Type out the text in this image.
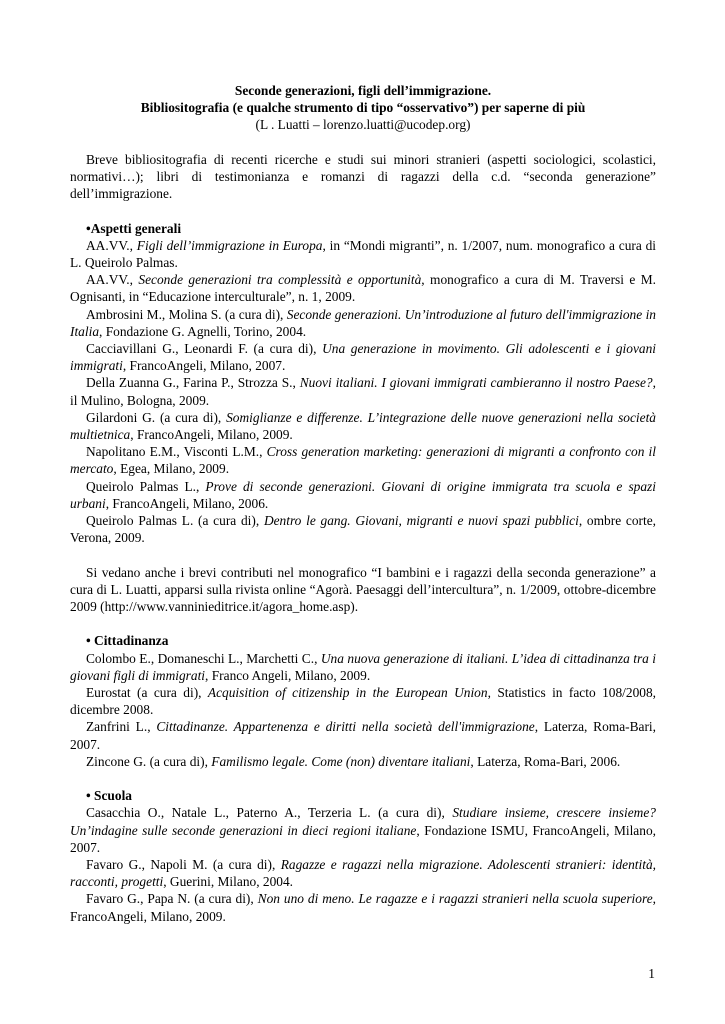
Seconde generazioni, figli dell’immigrazione.
Bibliositografia (e qualche strumento di tipo “osservativo”) per saperne di più
(L . Luatti – lorenzo.luatti@ucodep.org)
Breve bibliositografia di recenti ricerche e studi sui minori stranieri (aspetti sociologici, scolastici, normativi…); libri di testimonianza e romanzi di ragazzi della c.d. “seconda generazione” dell’immigrazione.
•Aspetti generali
AA.VV., Figli dell’immigrazione in Europa, in “Mondi migranti”, n. 1/2007, num. monografico a cura di L. Queirolo Palmas.
AA.VV., Seconde generazioni tra complessità e opportunità, monografico a cura di M. Traversi e M. Ognisanti, in “Educazione interculturale”, n. 1, 2009.
Ambrosini M., Molina S. (a cura di), Seconde generazioni. Un’introduzione al futuro dell'immigrazione in Italia, Fondazione G. Agnelli, Torino, 2004.
Cacciavillani G., Leonardi F. (a cura di), Una generazione in movimento. Gli adolescenti e i giovani immigrati, FrancoAngeli, Milano, 2007.
Della Zuanna G., Farina P., Strozza S., Nuovi italiani. I giovani immigrati cambieranno il nostro Paese?, il Mulino, Bologna, 2009.
Gilardoni G. (a cura di), Somiglianze e differenze. L’integrazione delle nuove generazioni nella società multietnica, FrancoAngeli, Milano, 2009.
Napolitano E.M., Visconti L.M., Cross generation marketing: generazioni di migranti a confronto con il mercato, Egea, Milano, 2009.
Queirolo Palmas L., Prove di seconde generazioni. Giovani di origine immigrata tra scuola e spazi urbani, FrancoAngeli, Milano, 2006.
Queirolo Palmas L. (a cura di), Dentro le gang. Giovani, migranti e nuovi spazi pubblici, ombre corte, Verona, 2009.
Si vedano anche i brevi contributi nel monografico “I bambini e i ragazzi della seconda generazione” a cura di L. Luatti, apparsi sulla rivista online “Agorà. Paesaggi dell’intercultura”, n. 1/2009, ottobre-dicembre 2009 (http://www.vanninieditrice.it/agora_home.asp).
• Cittadinanza
Colombo E., Domaneschi L., Marchetti C., Una nuova generazione di italiani. L’idea di cittadinanza tra i giovani figli di immigrati, Franco Angeli, Milano, 2009.
Eurostat (a cura di), Acquisition of citizenship in the European Union, Statistics in facto 108/2008, dicembre 2008.
Zanfrini L., Cittadinanze. Appartenenza e diritti nella società dell'immigrazione, Laterza, Roma-Bari, 2007.
Zincone G. (a cura di), Familismo legale. Come (non) diventare italiani, Laterza, Roma-Bari, 2006.
• Scuola
Casacchia O., Natale L., Paterno A., Terzeria L. (a cura di), Studiare insieme, crescere insieme? Un’indagine sulle seconde generazioni in dieci regioni italiane, Fondazione ISMU, FrancoAngeli, Milano, 2007.
Favaro G., Napoli M. (a cura di), Ragazze e ragazzi nella migrazione. Adolescenti stranieri: identità, racconti, progetti, Guerini, Milano, 2004.
Favaro G., Papa N. (a cura di), Non uno di meno. Le ragazze e i ragazzi stranieri nella scuola superiore, FrancoAngeli, Milano, 2009.
1
